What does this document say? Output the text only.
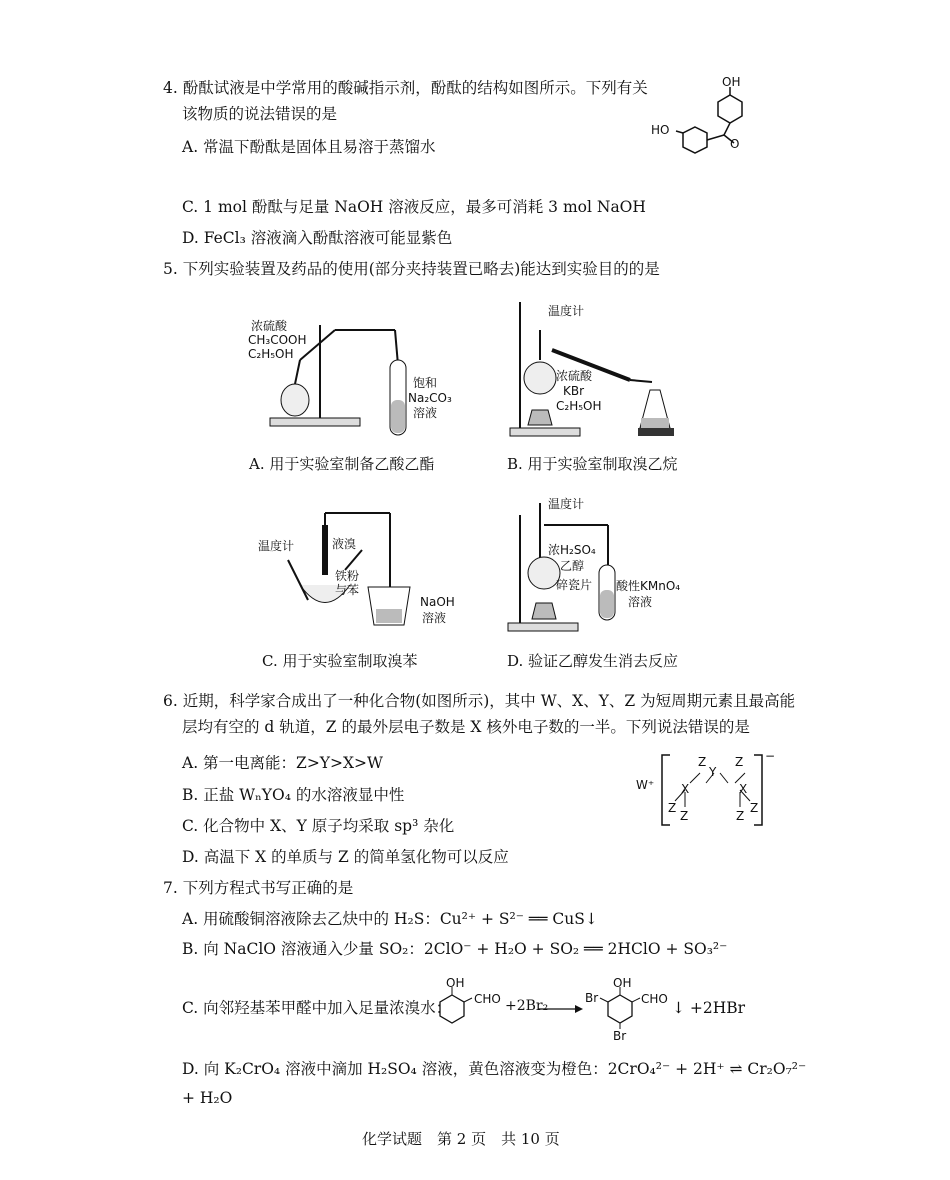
4. 酚酞试液是中学常用的酸碱指示剂，酚酞的结构如图所示。下列有关
该物质的说法错误的是
A. 常温下酚酞是固体且易溶于蒸馏水
OH
HO
O
C. 1 mol 酚酞与足量 NaOH 溶液反应，最多可消耗 3 mol NaOH
D. FeCl₃ 溶液滴入酚酞溶液可能显紫色
5. 下列实验装置及药品的使用(部分夹持装置已略去)能达到实验目的的是
浓硫酸
CH₃COOH
C₂H₅OH
饱和
Na₂CO₃
溶液
A. 用于实验室制备乙酸乙酯
温度计
浓硫酸
KBr
C₂H₅OH
B. 用于实验室制取溴乙烷
温度计	液溴
铁粉
与苯
NaOH
溶液
C. 用于实验室制取溴苯
温度计
浓H₂SO₄
乙醇
碎瓷片 酸性KMnO₄
溶液
D. 验证乙醇发生消去反应
6. 近期，科学家合成出了一种化合物(如图所示)，其中 W、X、Y、Z 为短周期元素且最高能
层均有空的 d 轨道，Z 的最外层电子数是 X 核外电子数的一半。下列说法错误的是
A. 第一电离能：Z>Y>X>W
B. 正盐 WₙYO₄ 的水溶液显中性
C. 化合物中 X、Y 原子均采取 sp³ 杂化
D. 高温下 X 的单质与 Z 的简单氢化物可以反应
W⁺ X	X
Y
Z Z
Z	Z
Z	Z
−
7. 下列方程式书写正确的是
A. 用硫酸铜溶液除去乙炔中的 H₂S：Cu²⁺ + S²⁻ ══ CuS↓
B. 向 NaClO 溶液通入少量 SO₂：2ClO⁻ + H₂O + SO₂ ══ 2HClO + SO₃²⁻
C. 向邻羟基苯甲醛中加入足量浓溴水：
OH
CHO +2Br₂	Br
OH
CHO
Br
↓ +2HBr
D. 向 K₂CrO₄ 溶液中滴加 H₂SO₄ 溶液，黄色溶液变为橙色：2CrO₄²⁻ + 2H⁺ ⇌ Cr₂O₇²⁻
+ H₂O
化学试题　第 2 页　共 10 页
